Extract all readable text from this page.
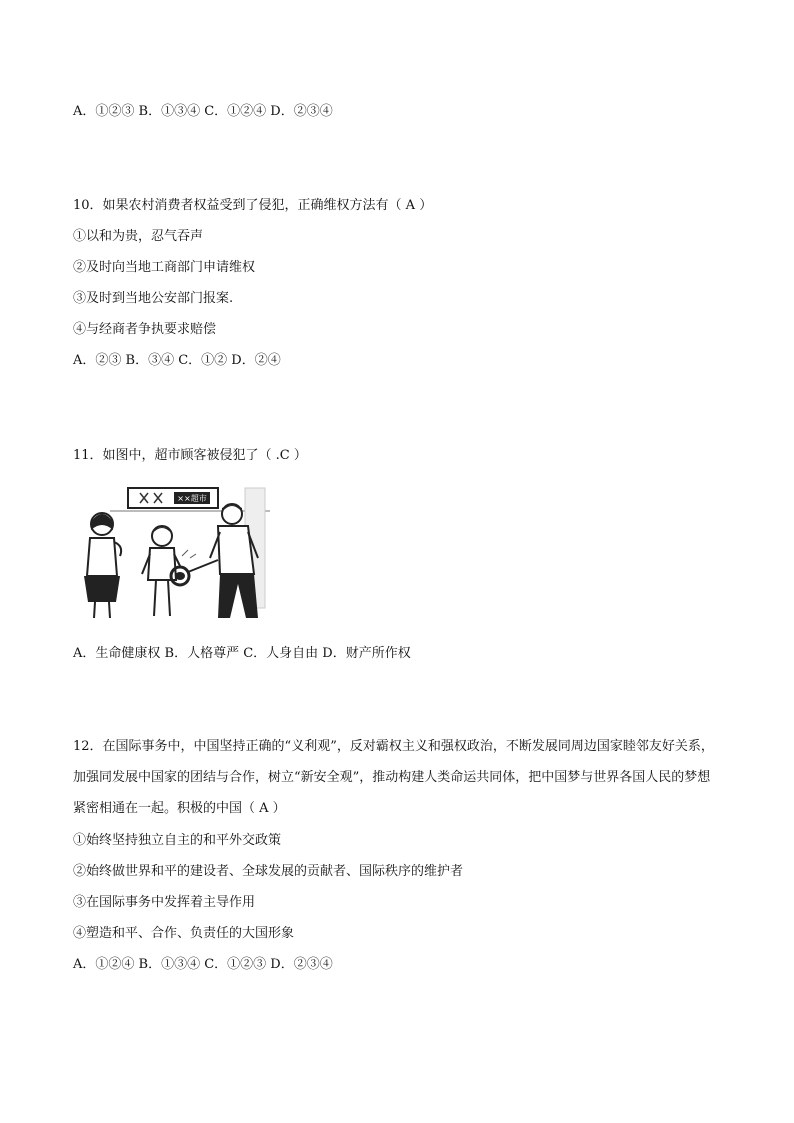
A．①②③ B．①③④ C．①②④ D．②③④
10．如果农村消费者权益受到了侵犯，正确维权方法有（ A ）
①以和为贵，忍气吞声
②及时向当地工商部门申请维权
③及时到当地公安部门报案.
④与经商者争执要求赔偿
A．②③ B．③④ C．①② D．②④
11．如图中，超市顾客被侵犯了（ .C ）
××超市
A．生命健康权 B．人格尊严 C．人身自由 D．财产所作权
12．在国际事务中，中国坚持正确的“义利观”，反对霸权主义和强权政治，不断发展同周边国家睦邻友好关系，加强同发展中国家的团结与合作，树立“新安全观”，推动构建人类命运共同体，把中国梦与世界各国人民的梦想紧密相通在一起。积极的中国（ A ）
①始终坚持独立自主的和平外交政策
②始终做世界和平的建设者、全球发展的贡献者、国际秩序的维护者
③在国际事务中发挥着主导作用
④塑造和平、合作、负责任的大国形象
A．①②④ B．①③④ C．①②③ D．②③④
